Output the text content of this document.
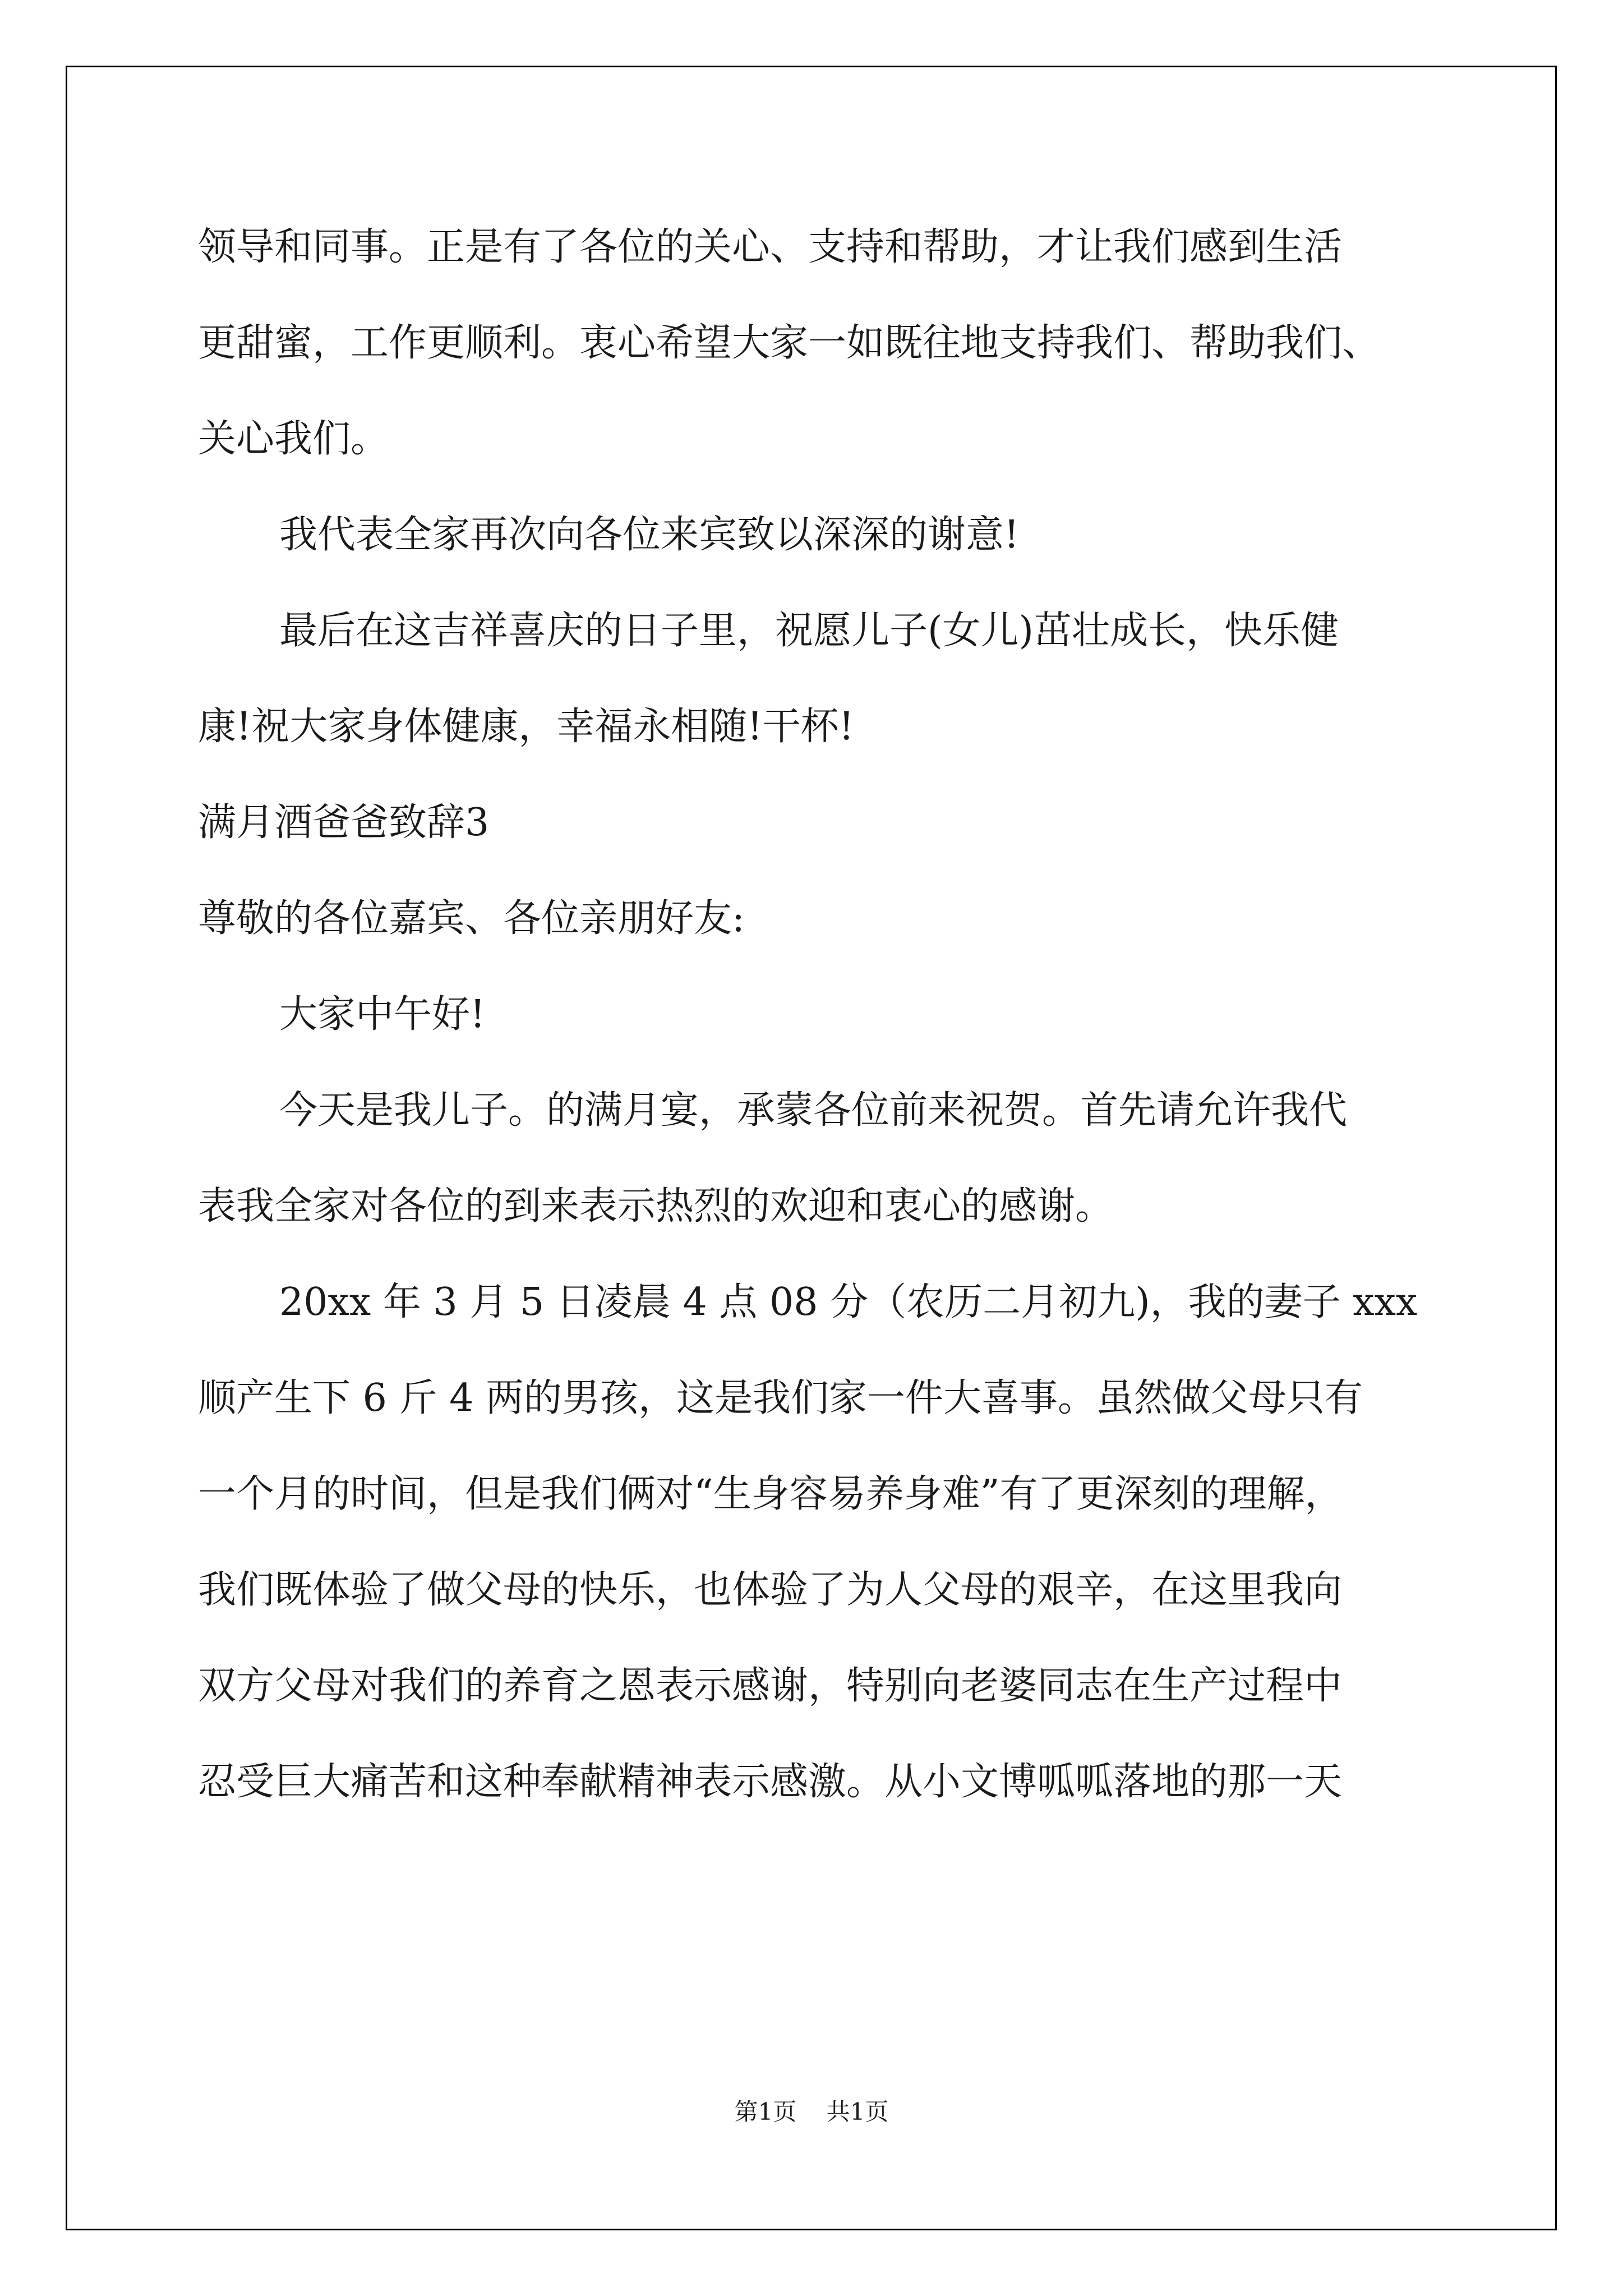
领导和同事。正是有了各位的关心、支持和帮助，才让我们感到生活
更甜蜜，工作更顺利。衷心希望大家一如既往地支持我们、帮助我们、
关心我们。
我代表全家再次向各位来宾致以深深的谢意!
最后在这吉祥喜庆的日子里，祝愿儿子(女儿)茁壮成长，快乐健
康!祝大家身体健康，幸福永相随!干杯!
满月酒爸爸致辞3
尊敬的各位嘉宾、各位亲朋好友:
大家中午好!
今天是我儿子。的满月宴，承蒙各位前来祝贺。首先请允许我代
表我全家对各位的到来表示热烈的欢迎和衷心的感谢。
20xx 年 3 月 5 日凌晨 4 点 08 分（农历二月初九)，我的妻子 xxx
顺产生下 6 斤 4 两的男孩，这是我们家一件大喜事。虽然做父母只有
一个月的时间，但是我们俩对“生身容易养身难”有了更深刻的理解，
我们既体验了做父母的快乐，也体验了为人父母的艰辛，在这里我向
双方父母对我们的养育之恩表示感谢，特别向老婆同志在生产过程中
忍受巨大痛苦和这种奉献精神表示感激。从小文博呱呱落地的那一天
第1页 共1页
